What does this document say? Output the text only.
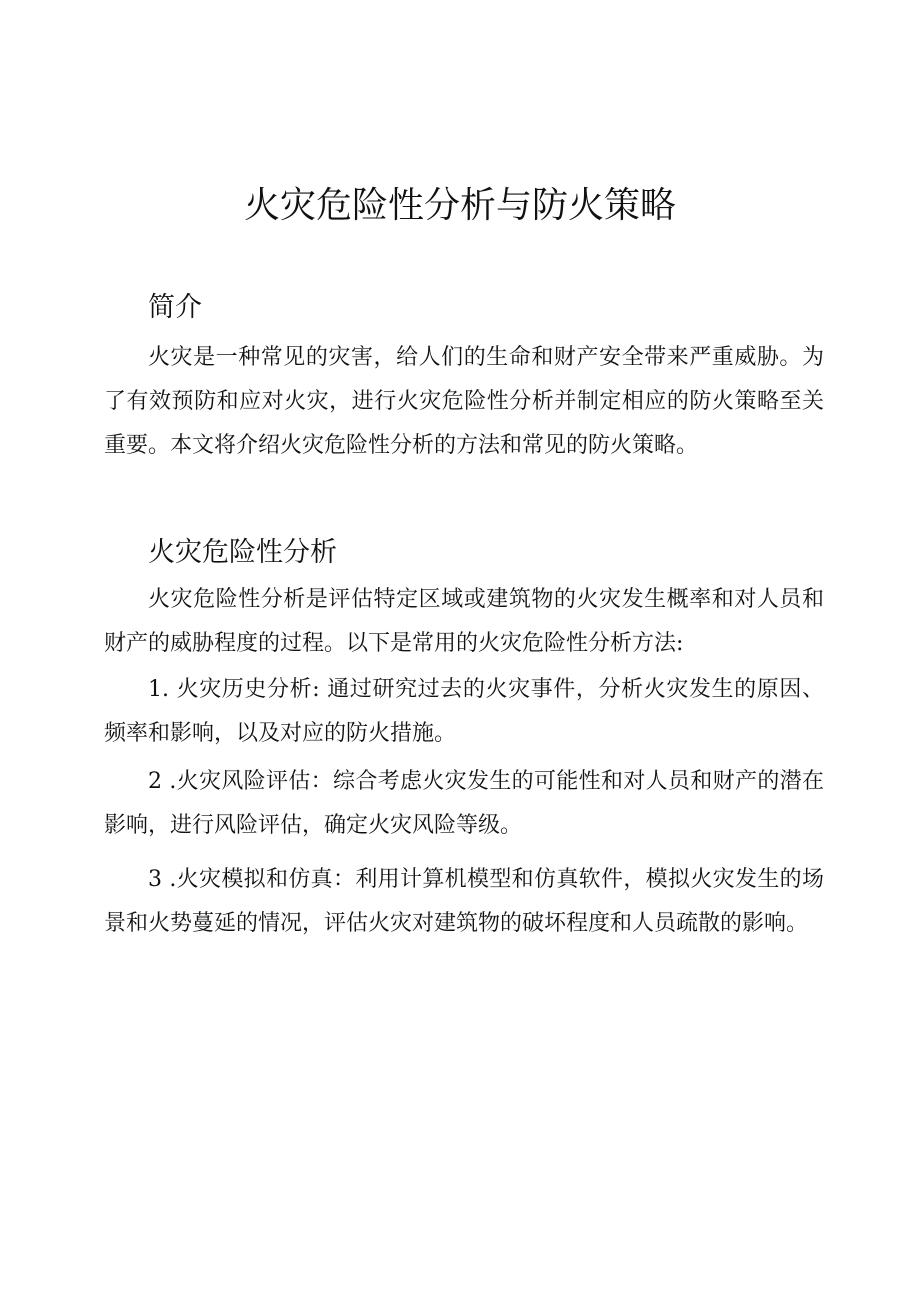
火灾危险性分析与防火策略
简介

火灾是一种常见的灾害，给人们的生命和财产安全带来严重威胁。为了有效预防和应对火灾，进行火灾危险性分析并制定相应的防火策略至关重要。本文将介绍火灾危险性分析的方法和常见的防火策略。

火灾危险性分析

火灾危险性分析是评估特定区域或建筑物的火灾发生概率和对人员和财产的威胁程度的过程。以下是常用的火灾危险性分析方法:

1. 火灾历史分析: 通过研究过去的火灾事件，分析火灾发生的原因、频率和影响，以及对应的防火措施。

2 .火灾风险评估：综合考虑火灾发生的可能性和对人员和财产的潜在影响，进行风险评估，确定火灾风险等级。

3 .火灾模拟和仿真：利用计算机模型和仿真软件，模拟火灾发生的场景和火势蔓延的情况，评估火灾对建筑物的破坏程度和人员疏散的影响。
